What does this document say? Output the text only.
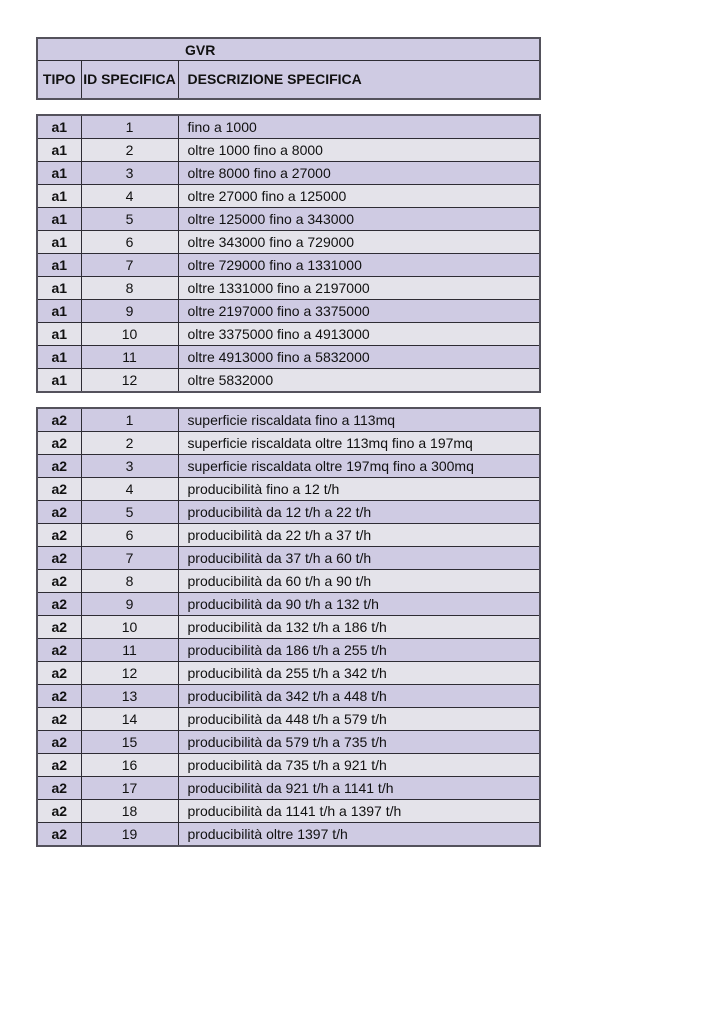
GVR
TIPO	ID SPECIFICA	DESCRIZIONE SPECIFICA
a1	1	fino a 1000
a1	2	oltre 1000 fino a 8000
a1	3	oltre 8000 fino a 27000
a1	4	oltre 27000 fino a 125000
a1	5	oltre 125000 fino a 343000
a1	6	oltre 343000 fino a 729000
a1	7	oltre 729000 fino a 1331000
a1	8	oltre 1331000 fino a 2197000
a1	9	oltre 2197000 fino a 3375000
a1	10	oltre 3375000 fino a 4913000
a1	11	oltre 4913000 fino a 5832000
a1	12	oltre 5832000
a2	1	superficie riscaldata fino a 113mq
a2	2	superficie riscaldata oltre 113mq fino a 197mq
a2	3	superficie riscaldata oltre 197mq fino a 300mq
a2	4	producibilità fino a 12 t/h
a2	5	producibilità da 12 t/h a 22 t/h
a2	6	producibilità da 22 t/h a 37 t/h
a2	7	producibilità da 37 t/h a 60 t/h
a2	8	producibilità da 60 t/h a 90 t/h
a2	9	producibilità da 90 t/h a 132 t/h
a2	10	producibilità da 132 t/h a 186 t/h
a2	11	producibilità da 186 t/h a 255 t/h
a2	12	producibilità da 255 t/h a 342 t/h
a2	13	producibilità da 342 t/h a 448 t/h
a2	14	producibilità da 448 t/h a 579 t/h
a2	15	producibilità da 579 t/h a 735 t/h
a2	16	producibilità da 735 t/h a 921 t/h
a2	17	producibilità da 921 t/h a 1141 t/h
a2	18	producibilità da 1141 t/h a 1397 t/h
a2	19	producibilità oltre 1397 t/h
